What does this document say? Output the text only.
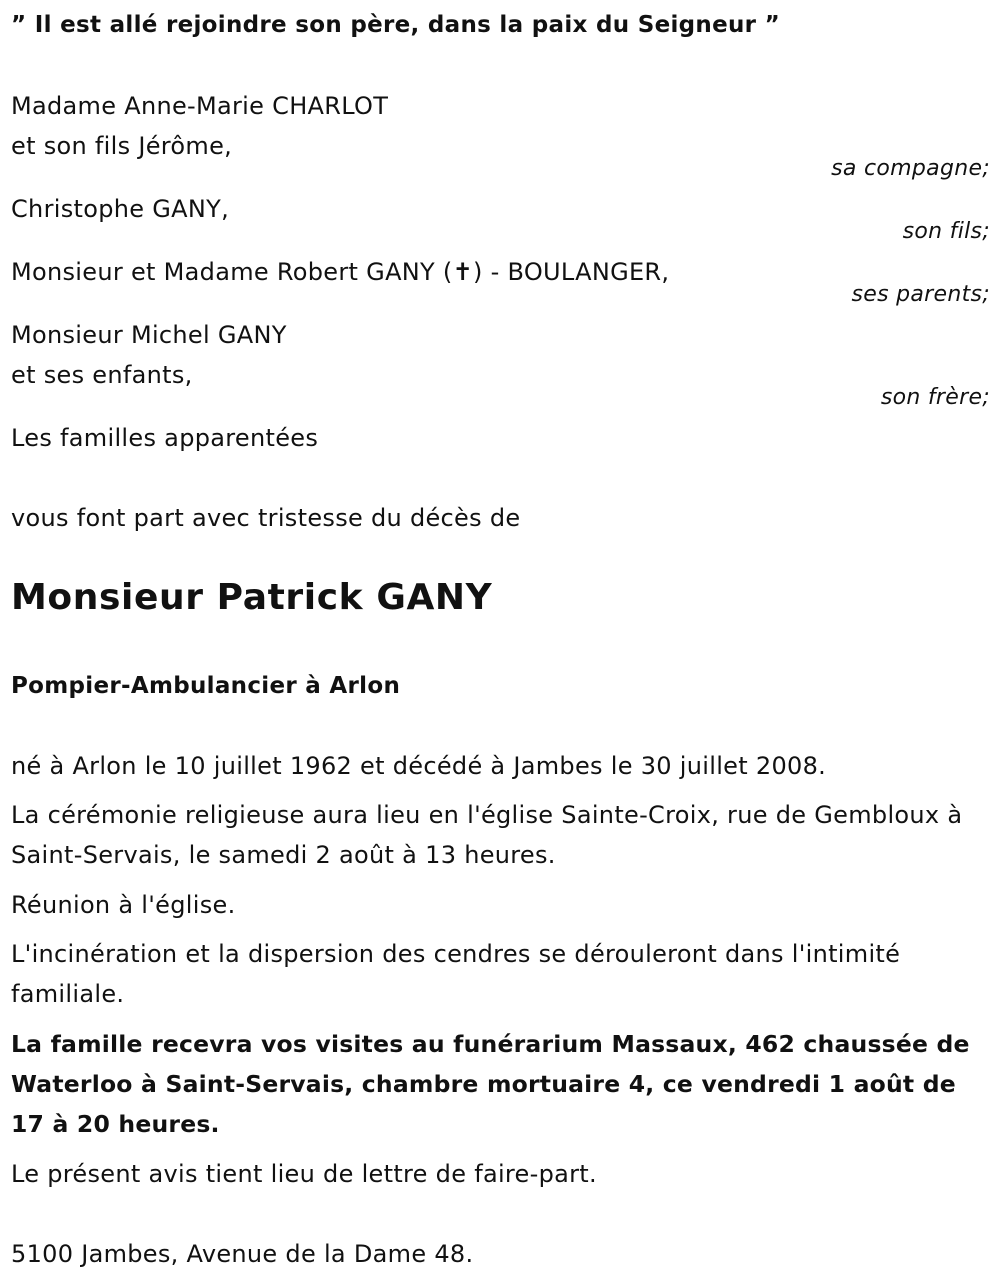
” Il est allé rejoindre son père, dans la paix du Seigneur ”
Madame Anne-Marie CHARLOT
et son fils Jérôme,
sa compagne;
Christophe GANY,
son fils;
Monsieur et Madame Robert GANY (✝) - BOULANGER,
ses parents;
Monsieur Michel GANY
et ses enfants,
son frère;
Les familles apparentées
vous font part avec tristesse du décès de
Monsieur Patrick GANY
Pompier-Ambulancier à Arlon
né à Arlon le 10 juillet 1962 et décédé à Jambes le 30 juillet 2008.
La cérémonie religieuse aura lieu en l'église Sainte-Croix, rue de Gembloux à Saint-Servais, le samedi 2 août à 13 heures.
Réunion à l'église.
L'incinération et la dispersion des cendres se dérouleront dans l'intimité familiale.
La famille recevra vos visites au funérarium Massaux, 462 chaussée de Waterloo à Saint-Servais, chambre mortuaire 4, ce vendredi 1 août de 17 à 20 heures.
Le présent avis tient lieu de lettre de faire-part.
5100 Jambes, Avenue de la Dame 48.
